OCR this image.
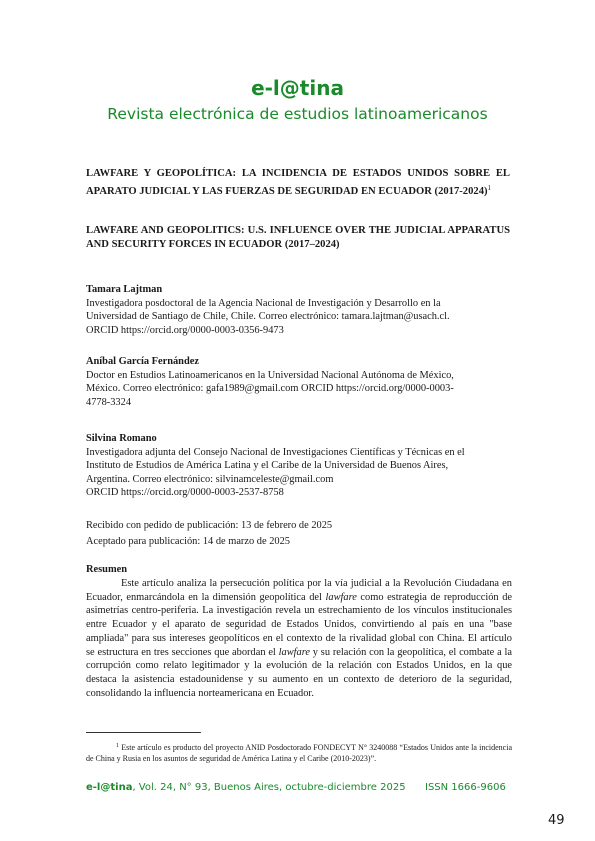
e-l@tina
Revista electrónica de estudios latinoamericanos
LAWFARE Y GEOPOLÍTICA: LA INCIDENCIA DE ESTADOS UNIDOS SOBRE EL APARATO JUDICIAL Y LAS FUERZAS DE SEGURIDAD EN ECUADOR (2017-2024)$^1$
LAWFARE AND GEOPOLITICS: U.S. INFLUENCE OVER THE JUDICIAL APPARATUS AND SECURITY FORCES IN ECUADOR (2017–2024)
Tamara Lajtman
Investigadora posdoctoral de la Agencia Nacional de Investigación y Desarrollo en la
Universidad de Santiago de Chile, Chile. Correo electrónico: tamara.lajtman@usach.cl.
ORCID https://orcid.org/0000-0003-0356-9473
Aníbal García Fernández
Doctor en Estudios Latinoamericanos en la Universidad Nacional Autónoma de México,
México. Correo electrónico: gafa1989@gmail.com ORCID https://orcid.org/0000-0003-
4778-3324
Silvina Romano
Investigadora adjunta del Consejo Nacional de Investigaciones Científicas y Técnicas en el
Instituto de Estudios de América Latina y el Caribe de la Universidad de Buenos Aires,
Argentina. Correo electrónico: silvinamceleste@gmail.com
ORCID https://orcid.org/0000-0003-2537-8758
Recibido con pedido de publicación: 13 de febrero de 2025
Aceptado para publicación: 14 de marzo de 2025
Resumen
Este artículo analiza la persecución política por la vía judicial a la Revolución Ciudadana en Ecuador, enmarcándola en la dimensión geopolítica del lawfare como estrategia de reproducción de asimetrías centro-periferia. La investigación revela un estrechamiento de los vínculos institucionales entre Ecuador y el aparato de seguridad de Estados Unidos, convirtiendo al país en una "base ampliada" para sus intereses geopolíticos en el contexto de la rivalidad global con China. El artículo se estructura en tres secciones que abordan el lawfare y su relación con la geopolítica, el combate a la corrupción como relato legitimador y la evolución de la relación con Estados Unidos, en la que destaca la asistencia estadounidense y su aumento en un contexto de deterioro de la seguridad, consolidando la influencia norteamericana en Ecuador.
$^1$ Este artículo es producto del proyecto ANID Posdoctorado FONDECYT N° 3240088 “Estados Unidos ante la incidencia de China y Rusia en los asuntos de seguridad de América Latina y el Caribe (2010-2023)”.
e-l@tina, Vol. 24, N° 93, Buenos Aires, octubre-diciembre 2025 ISSN 1666-9606
49
